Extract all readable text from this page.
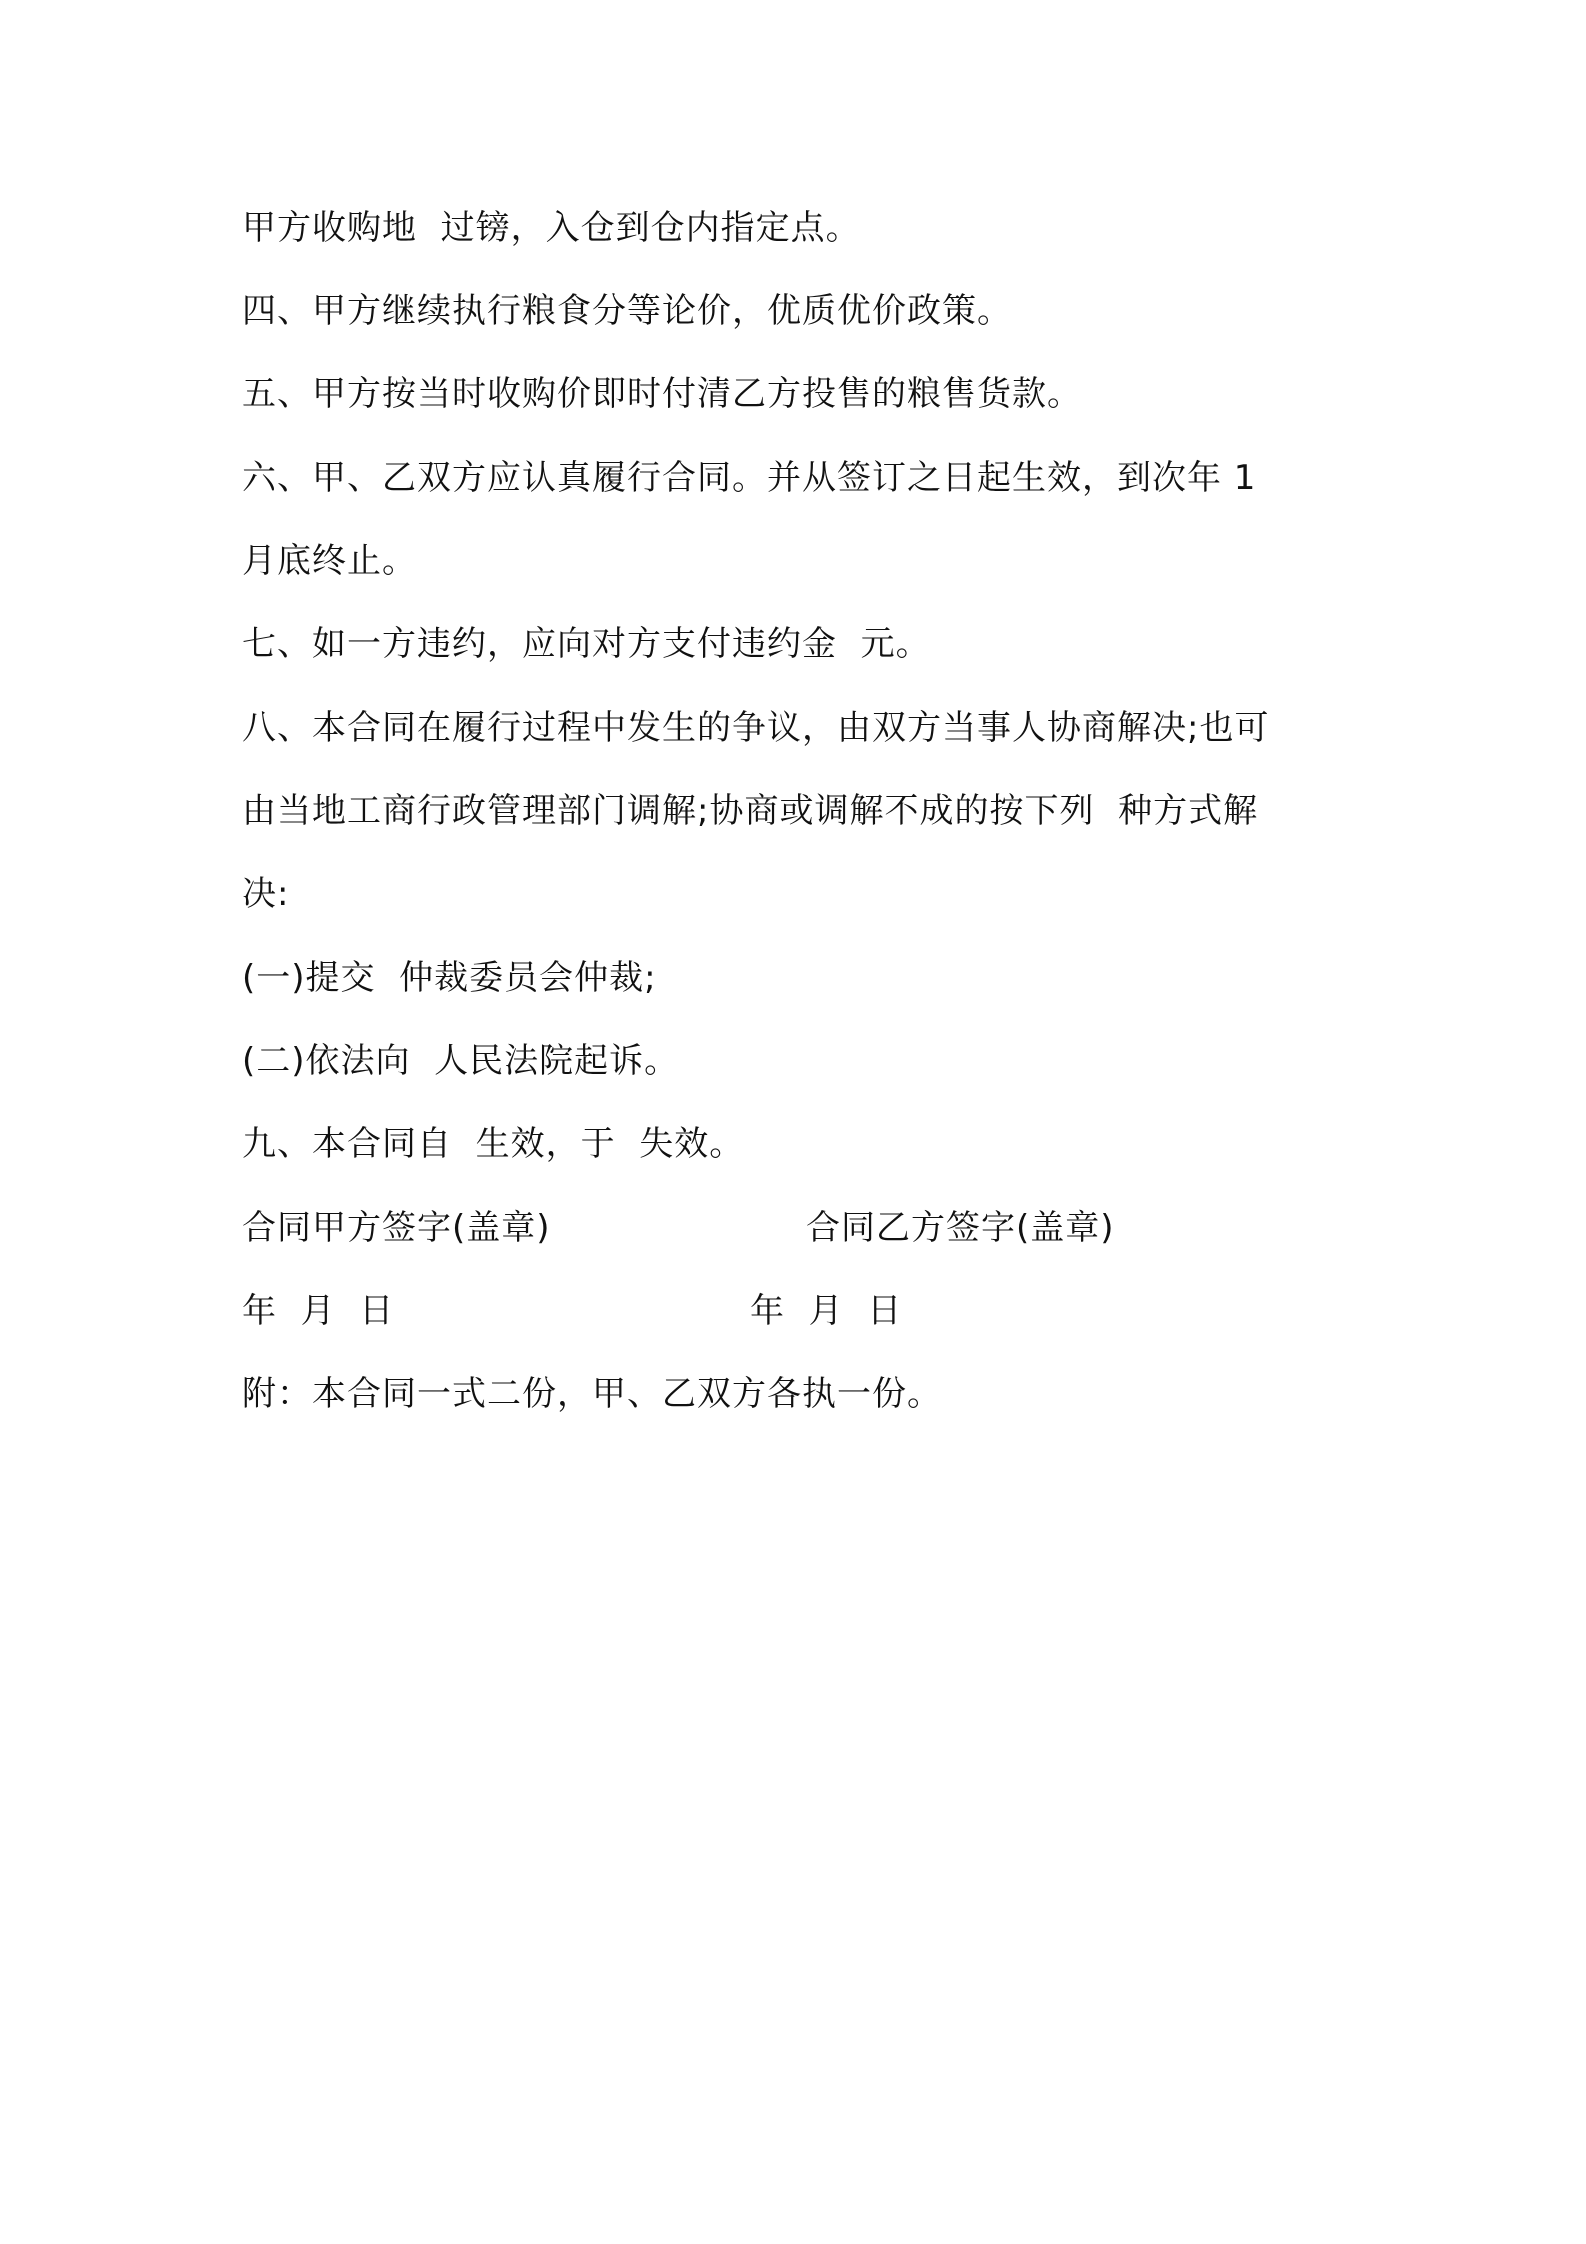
甲方收购地  过镑，入仓到仓内指定点。
四、甲方继续执行粮食分等论价，优质优价政策。
五、甲方按当时收购价即时付清乙方投售的粮售货款。
六、甲、乙双方应认真履行合同。并从签订之日起生效，到次年 1
月底终止。
七、如一方违约，应向对方支付违约金  元。
八、本合同在履行过程中发生的争议，由双方当事人协商解决;也可
由当地工商行政管理部门调解;协商或调解不成的按下列  种方式解
决:
(一)提交  仲裁委员会仲裁;
(二)依法向  人民法院起诉。
九、本合同自  生效，于  失效。
合同甲方签字(盖章)	合同乙方签字(盖章)
年  月  日	年  月  日
附：本合同一式二份，甲、乙双方各执一份。
